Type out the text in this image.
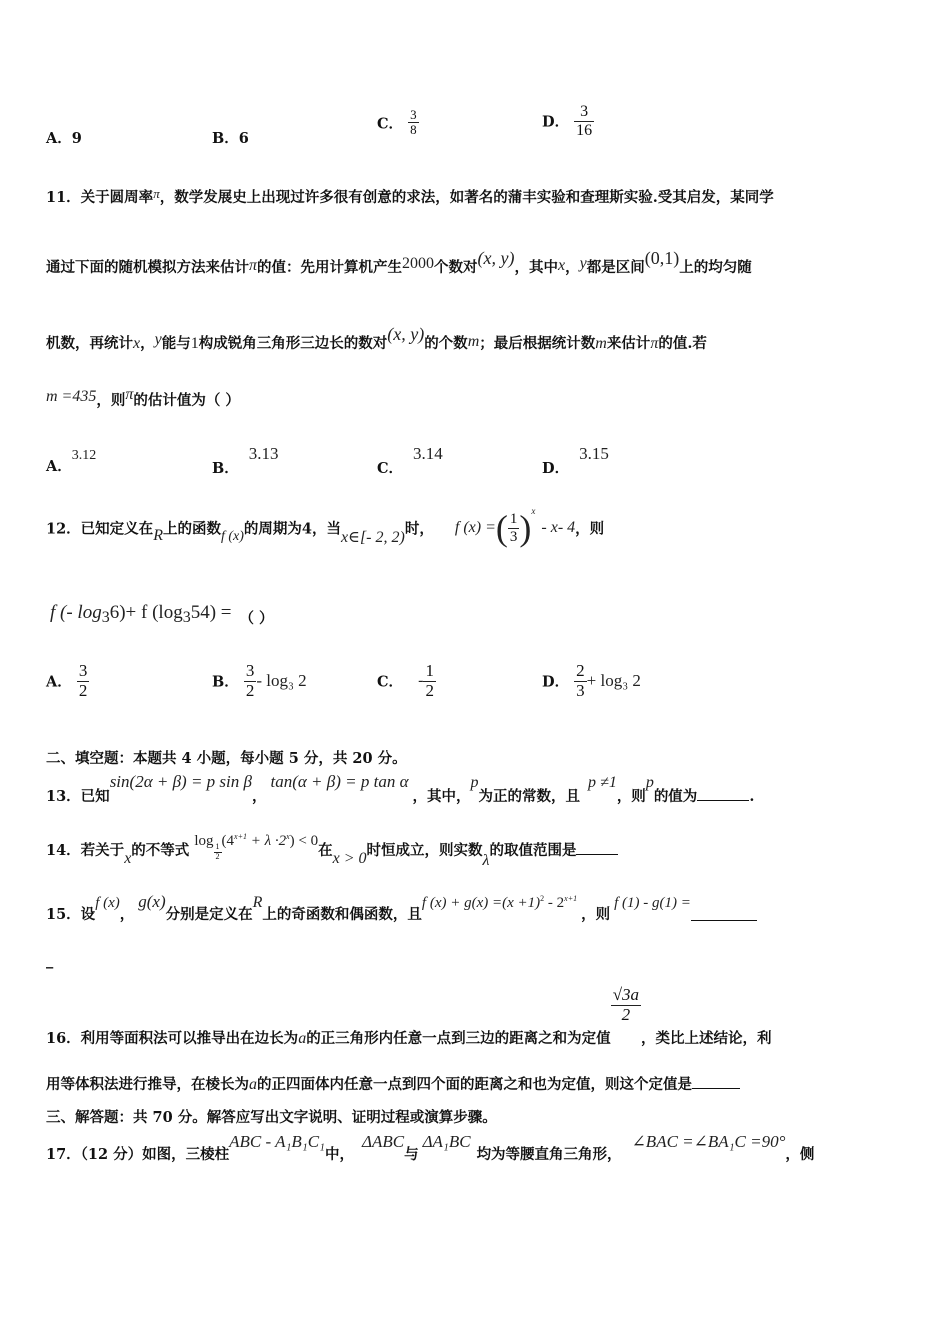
A．9	B．6
C． $\frac{3}{8}$	D． $\frac{3}{16}$
11．关于圆周率π，数学发展史上出现过许多很有创意的求法，如著名的蒲丰实验和查理斯实验.受其启发，某同学
通过下面的随机模拟方法来估计π的值：先用计算机产生2000个数对(x, y)，其中x，y都是区间(0,1)上的均匀随
机数，再统计x，y能与1构成锐角三角形三边长的数对(x, y)的个数m；最后根据统计数m来估计π的值.若
m =435，则π的估计值为（ ）
A．3.12
B．3.13
C．3.14
D．3.15
12．已知定义在R上的函数f (x)的周期为4，当x∈[- 2, 2)时， f (x) =( $\frac{1}{3} )^x-$ x- 4，则
f (- $\log_36)+ f$ $(\log_354)$ = （ ）
A． $\frac{3}{2}$	B． $\frac{3}{2} - \log_3$ 2	C． - $\frac{1}{2}$	D． $\frac{2}{3} + \log_3$ 2
二、填空题：本题共 4 小题，每小题 5 分，共 20 分。
13．已知sin(2α + β) = p sin β，tan(α + β) = p tan α，其中，p为正的常数，且p ≠1，则p的值为	.
14．若关于x的不等式 log
$\frac{1}{2}$
$(4^{x+1} + \lambda \cdot 2^x) < 0$在x > 0时恒成立，则实数λ的取值范围是
15．设f (x)，g(x)分别是定义在R上的奇函数和偶函数，且f $(x) + g(x) =(x +1)^2 - 2^{x+1}$，则f (1) - g(1) =
_
16．利用等面积法可以推导出在边长为a的正三角形内任意一点到三边的距离之和为定值
$\frac{√3a}{2}$
，类比上述结论，利
用等体积法进行推导，在棱长为a的正四面体内任意一点到四个面的距离之和也为定值，则这个定值是
三、解答题：共 70 分。解答应写出文字说明、证明过程或演算步骤。
17．（12 分）如图，三棱柱ABC - A₁B₁C₁中，ΔABC与ΔA₁BC均为等腰直角三角形，∠BAC =∠BA₁C =90°，侧
